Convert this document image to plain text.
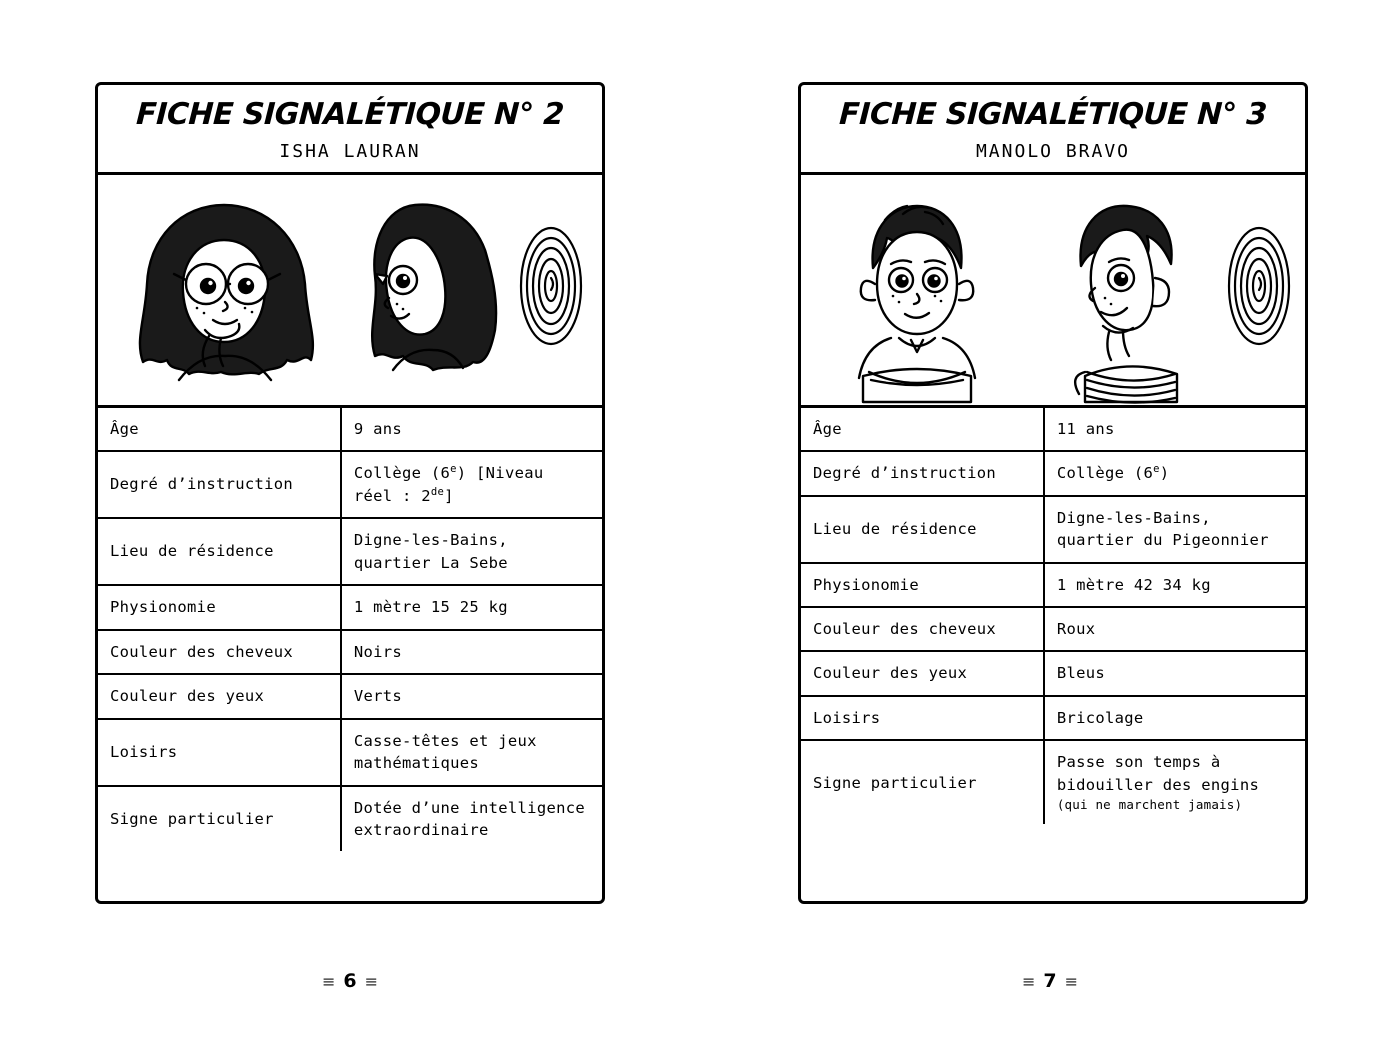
FICHE SIGNALÉTIQUE N° 2
ISHA LAURAN
Âge	9 ans
Degré d’instruction	Collège (6e) [Niveau réel : 2de]
Lieu de résidence	Digne-les-Bains, quartier La Sebe
Physionomie	1 mètre 15 25 kg
Couleur des cheveux	Noirs
Couleur des yeux	Verts
Loisirs	Casse-têtes et jeux mathématiques
Signe particulier	Dotée d’une intelligence extraordinaire
≡ 6 ≡
FICHE SIGNALÉTIQUE N° 3
MANOLO BRAVO
Âge	11 ans
Degré d’instruction	Collège (6e)
Lieu de résidence	Digne-les-Bains, quartier du Pigeonnier
Physionomie	1 mètre 42 34 kg
Couleur des cheveux	Roux
Couleur des yeux	Bleus
Loisirs	Bricolage
Signe particulier	Passe son temps à bidouiller des engins
(qui ne marchent jamais)
≡ 7 ≡
